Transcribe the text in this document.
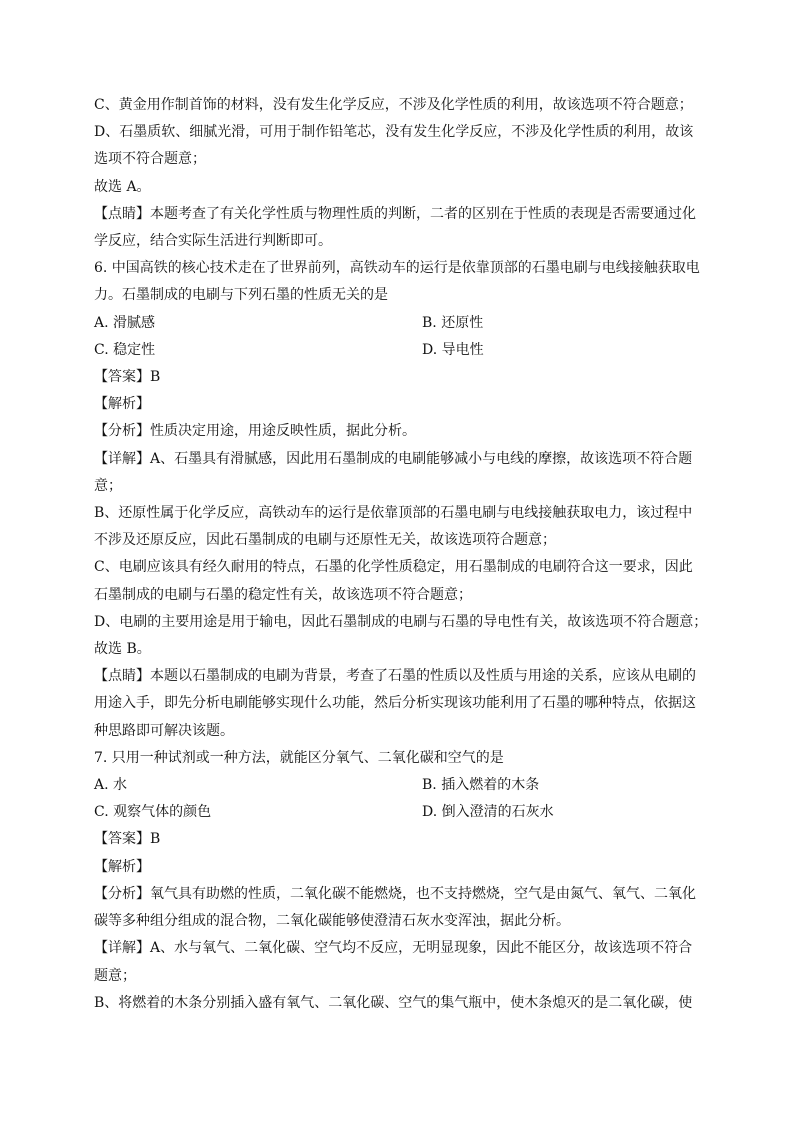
C、黄金用作制首饰的材料，没有发生化学反应，不涉及化学性质的利用，故该选项不符合题意；
D、石墨质软、细腻光滑，可用于制作铅笔芯，没有发生化学反应，不涉及化学性质的利用，故该
选项不符合题意；
故选 A。
【点睛】本题考查了有关化学性质与物理性质的判断，二者的区别在于性质的表现是否需要通过化
学反应，结合实际生活进行判断即可。
6. 中国高铁的核心技术走在了世界前列，高铁动车的运行是依靠顶部的石墨电刷与电线接触获取电
力。石墨制成的电刷与下列石墨的性质无关的是
A. 滑腻感	B. 还原性
C. 稳定性	D. 导电性
【答案】B
【解析】
【分析】性质决定用途，用途反映性质，据此分析。
【详解】A、石墨具有滑腻感，因此用石墨制成的电刷能够减小与电线的摩擦，故该选项不符合题
意；
B、还原性属于化学反应，高铁动车的运行是依靠顶部的石墨电刷与电线接触获取电力，该过程中
不涉及还原反应，因此石墨制成的电刷与还原性无关，故该选项符合题意；
C、电刷应该具有经久耐用的特点，石墨的化学性质稳定，用石墨制成的电刷符合这一要求，因此
石墨制成的电刷与石墨的稳定性有关，故该选项不符合题意；
D、电刷的主要用途是用于输电，因此石墨制成的电刷与石墨的导电性有关，故该选项不符合题意；
故选 B。
【点睛】本题以石墨制成的电刷为背景，考查了石墨的性质以及性质与用途的关系，应该从电刷的
用途入手，即先分析电刷能够实现什么功能，然后分析实现该功能利用了石墨的哪种特点，依据这
种思路即可解决该题。
7. 只用一种试剂或一种方法，就能区分氧气、二氧化碳和空气的是
A. 水	B. 插入燃着的木条
C. 观察气体的颜色	D. 倒入澄清的石灰水
【答案】B
【解析】
【分析】氧气具有助燃的性质，二氧化碳不能燃烧，也不支持燃烧，空气是由氮气、氧气、二氧化
碳等多种组分组成的混合物，二氧化碳能够使澄清石灰水变浑浊，据此分析。
【详解】A、水与氧气、二氧化碳、空气均不反应，无明显现象，因此不能区分，故该选项不符合
题意；
B、将燃着的木条分别插入盛有氧气、二氧化碳、空气的集气瓶中，使木条熄灭的是二氧化碳，使
